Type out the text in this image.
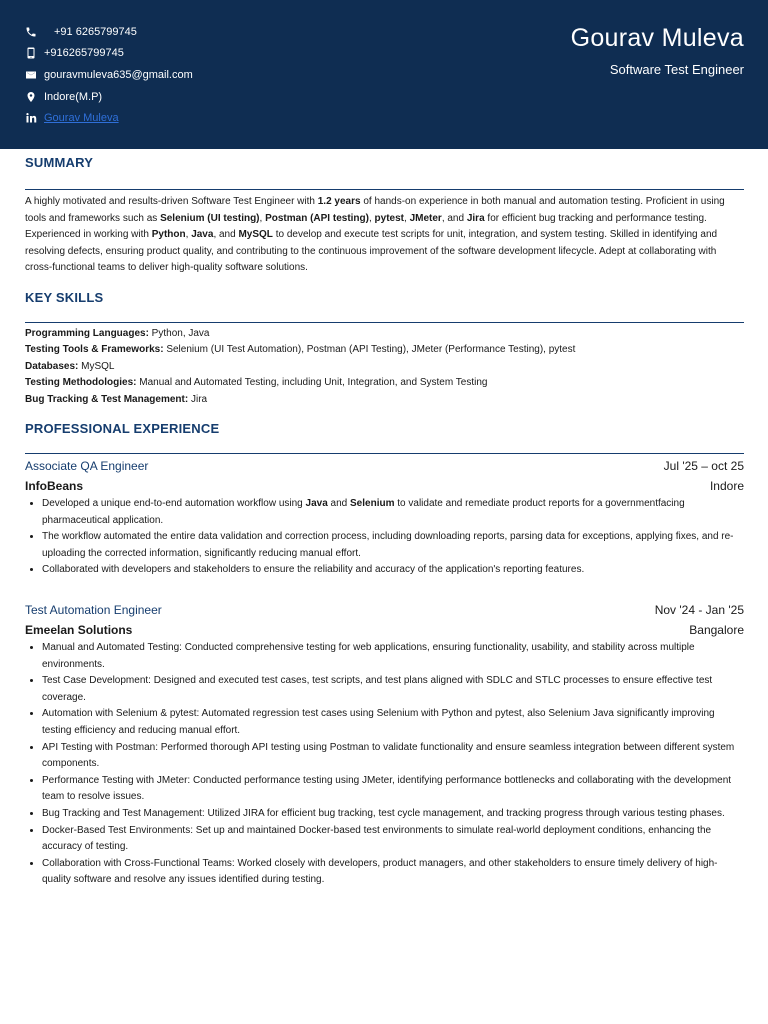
+91 6265799745
+916265799745
gouravmuleva635@gmail.com
Indore(M.P)
Gourav Muleva
Gourav Muleva
Software Test Engineer
SUMMARY

A highly motivated and results-driven Software Test Engineer with 1.2 years of hands-on experience in both manual and automation testing. Proficient in using tools and frameworks such as Selenium (UI testing), Postman (API testing), pytest, JMeter, and Jira for efficient bug tracking and performance testing. Experienced in working with Python, Java, and MySQL to develop and execute test scripts for unit, integration, and system testing. Skilled in identifying and resolving defects, ensuring product quality, and contributing to the continuous improvement of the software development lifecycle. Adept at collaborating with cross-functional teams to deliver high-quality software solutions.

KEY SKILLS
Programming Languages: Python, Java
Testing Tools & Frameworks: Selenium (UI Test Automation), Postman (API Testing), JMeter (Performance Testing), pytest
Databases: MySQL
Testing Methodologies: Manual and Automated Testing, including Unit, Integration, and System Testing
Bug Tracking & Test Management: Jira
PROFESSIONAL EXPERIENCE
Associate QA Engineer	Jul '25 – oct 25
InfoBeans	Indore
• Developed a unique end-to-end automation workflow using Java and Selenium to validate and remediate product reports for a governmentfacing pharmaceutical application.
• The workflow automated the entire data validation and correction process, including downloading reports, parsing data for exceptions, applying fixes, and re-uploading the corrected information, significantly reducing manual effort.
• Collaborated with developers and stakeholders to ensure the reliability and accuracy of the application's reporting features.
Test Automation Engineer	Nov '24 - Jan '25
Emeelan Solutions	Bangalore
• Manual and Automated Testing: Conducted comprehensive testing for web applications, ensuring functionality, usability, and stability across multiple environments.
• Test Case Development: Designed and executed test cases, test scripts, and test plans aligned with SDLC and STLC processes to ensure effective test coverage.
• Automation with Selenium & pytest: Automated regression test cases using Selenium with Python and pytest, also Selenium Java significantly improving testing efficiency and reducing manual effort.
• API Testing with Postman: Performed thorough API testing using Postman to validate functionality and ensure seamless integration between different system components.
• Performance Testing with JMeter: Conducted performance testing using JMeter, identifying performance bottlenecks and collaborating with the development team to resolve issues.
• Bug Tracking and Test Management: Utilized JIRA for efficient bug tracking, test cycle management, and tracking progress through various testing phases.
• Docker-Based Test Environments: Set up and maintained Docker-based test environments to simulate real-world deployment conditions, enhancing the accuracy of testing.
• Collaboration with Cross-Functional Teams: Worked closely with developers, product managers, and other stakeholders to ensure timely delivery of high-quality software and resolve any issues identified during testing.
